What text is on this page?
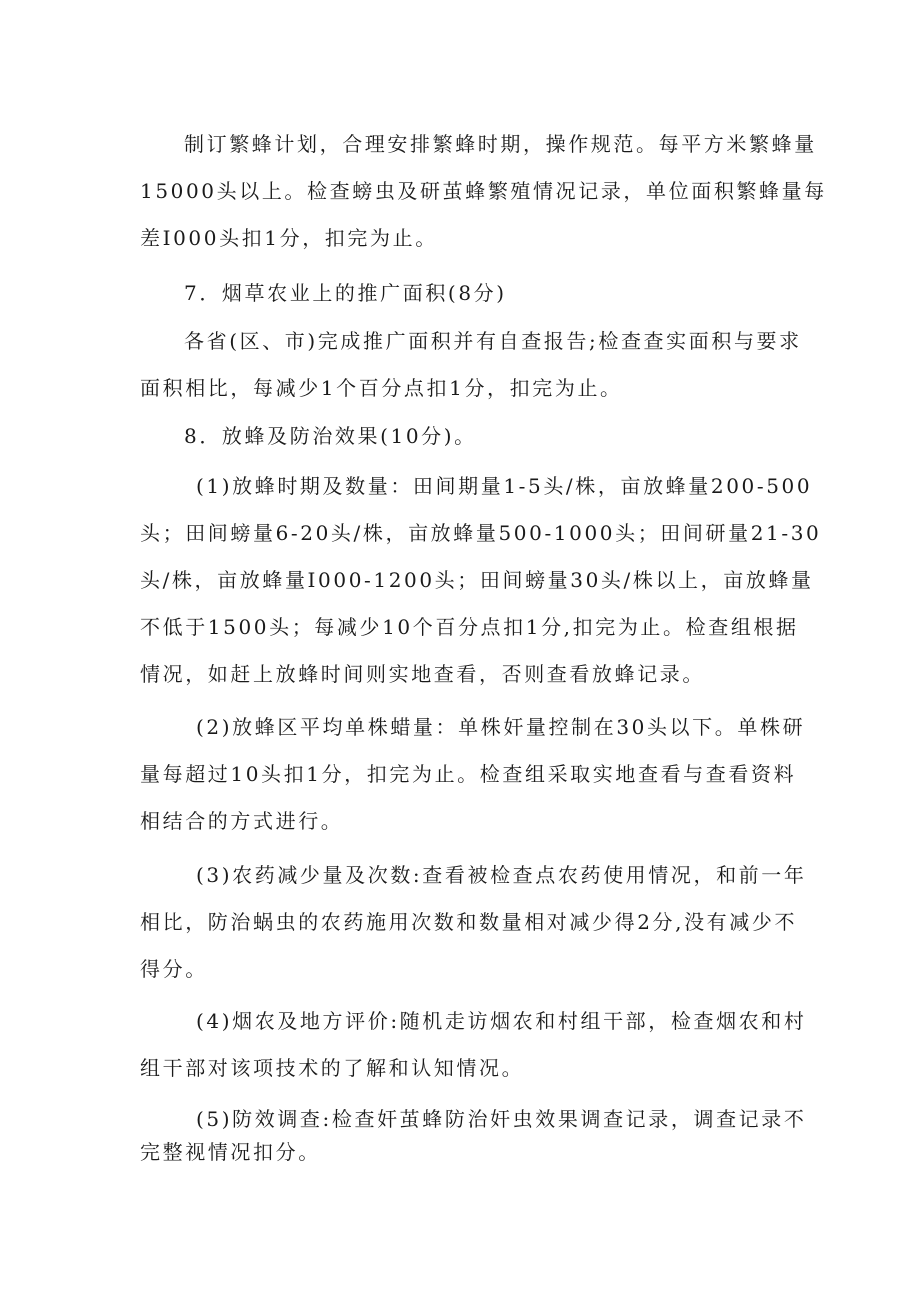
制订繁蜂计划，合理安排繁蜂时期，操作规范。每平方米繁蜂量
15000头以上。检查螃虫及研茧蜂繁殖情况记录，单位面积繁蜂量每
差I000头扣1分，扣完为止。
7．烟草农业上的推广面积(8分)
各省(区、市)完成推广面积并有自查报告;检查查实面积与要求
面积相比，每减少1个百分点扣1分，扣完为止。
8．放蜂及防治效果(10分)。
(1)放蜂时期及数量：田间期量1-5头/株，亩放蜂量200-500
头；田间螃量6-20头/株，亩放蜂量500-1000头；田间研量21-30
头/株，亩放蜂量I000-1200头；田间螃量30头/株以上，亩放蜂量
不低于1500头；每减少10个百分点扣1分,扣完为止。检查组根据
情况，如赶上放蜂时间则实地查看，否则查看放蜂记录。
(2)放蜂区平均单株蜡量：单株奸量控制在30头以下。单株研
量每超过10头扣1分，扣完为止。检查组采取实地查看与查看资料
相结合的方式进行。
(3)农药减少量及次数:查看被检查点农药使用情况，和前一年
相比，防治蜗虫的农药施用次数和数量相对减少得2分,没有减少不
得分。
(4)烟农及地方评价:随机走访烟农和村组干部，检查烟农和村
组干部对该项技术的了解和认知情况。
(5)防效调查:检查奸茧蜂防治奸虫效果调查记录，调查记录不
完整视情况扣分。
